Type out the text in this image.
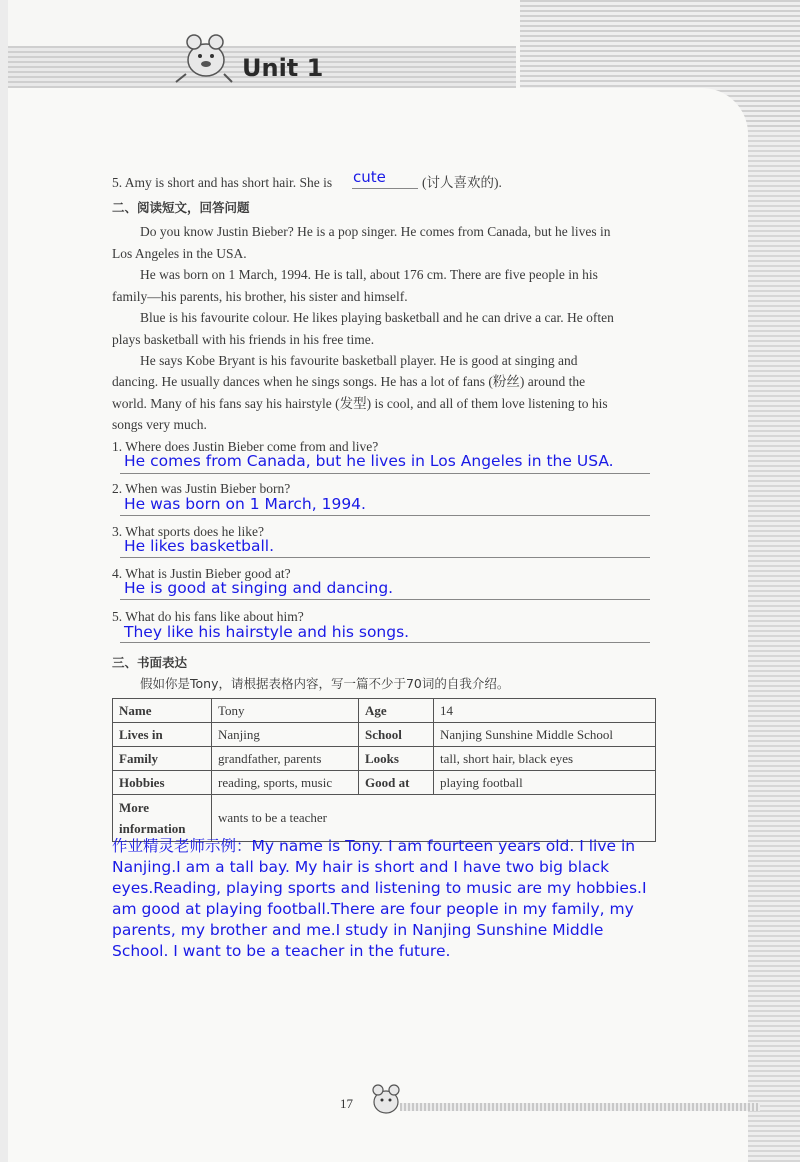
Unit 1
5. Amy is short and has short hair. She is cute	(讨人喜欢的).
二、阅读短文，回答问题
Do you know Justin Bieber? He is a pop singer. He comes from Canada, but he lives in
Los Angeles in the USA.
He was born on 1 March, 1994. He is tall, about 176 cm. There are five people in his
family—his parents, his brother, his sister and himself.
Blue is his favourite colour. He likes playing basketball and he can drive a car. He often
plays basketball with his friends in his free time.
He says Kobe Bryant is his favourite basketball player. He is good at singing and
dancing. He usually dances when he sings songs. He has a lot of fans (粉丝) around the
world. Many of his fans say his hairstyle (发型) is cool, and all of them love listening to his
songs very much.
1. Where does Justin Bieber come from and live?
He comes from Canada, but he lives in Los Angeles in the USA.
2. When was Justin Bieber born?
He was born on 1 March, 1994.
3. What sports does he like?
He likes basketball.
4. What is Justin Bieber good at?
He is good at singing and dancing.
5. What do his fans like about him?
They like his hairstyle and his songs.
三、书面表达
假如你是Tony，请根据表格内容，写一篇不少于70词的自我介绍。
Name	Tony	Age	14
Lives in	Nanjing	School	Nanjing Sunshine Middle School
Family	grandfather, parents	Looks	tall, short hair, black eyes
Hobbies	reading, sports, music	Good at	playing football
More information	wants to be a teacher		
作业精灵老师示例：My name is Tony. I am fourteen years old. I live in
Nanjing.I am a tall bay. My hair is short and I have two big black
eyes.Reading, playing sports and listening to music are my hobbies.I
am good at playing football.There are four people in my family, my
parents, my brother and me.I study in Nanjing Sunshine Middle
School. I want to be a teacher in the future.
17
